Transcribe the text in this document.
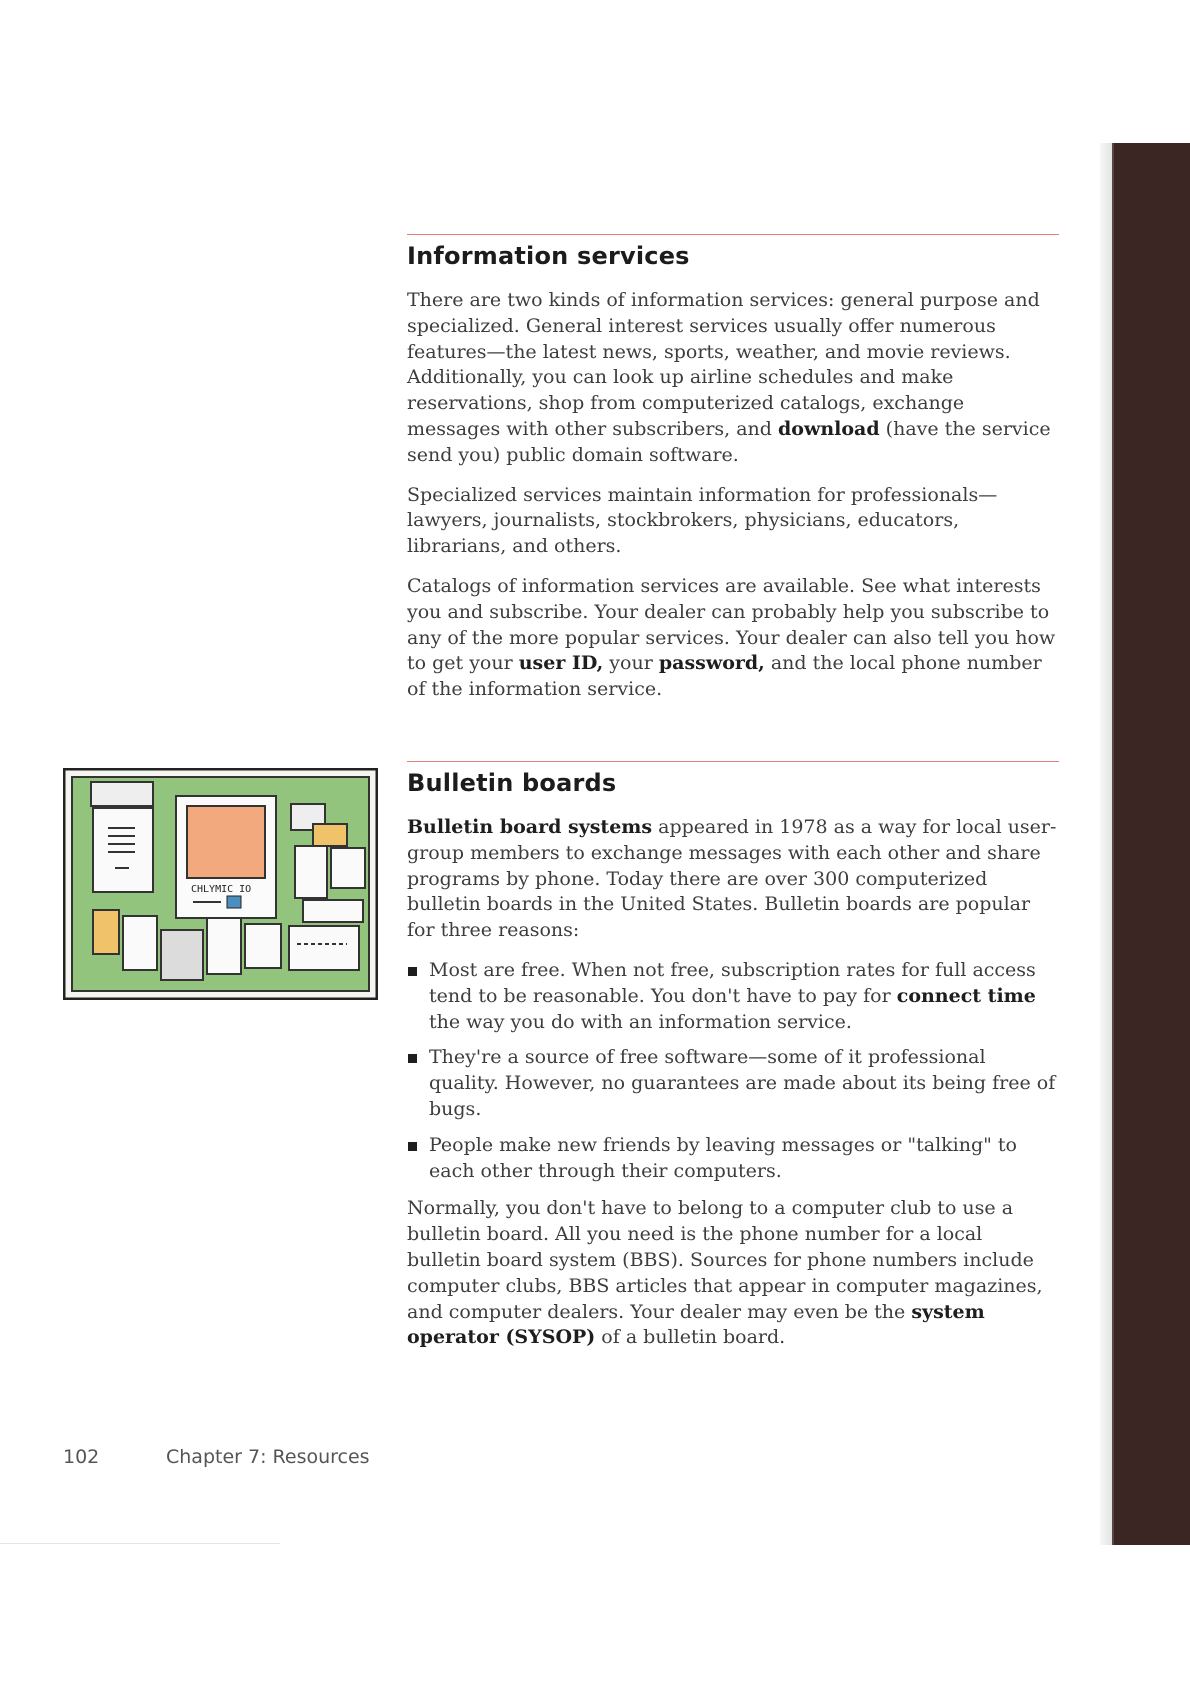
Information services

There are two kinds of information services: general purpose and specialized. General interest services usually offer numerous features—the latest news, sports, weather, and movie reviews. Additionally, you can look up airline schedules and make reservations, shop from computerized catalogs, exchange messages with other subscribers, and download (have the service send you) public domain software.

Specialized services maintain information for professionals—lawyers, journalists, stockbrokers, physicians, educators, librarians, and others.

Catalogs of information services are available. See what interests you and subscribe. Your dealer can probably help you subscribe to any of the more popular services. Your dealer can also tell you how to get your user ID, your password, and the local phone number of the information service.

Bulletin boards

Bulletin board systems appeared in 1978 as a way for local user-group members to exchange messages with each other and share programs by phone. Today there are over 300 computerized bulletin boards in the United States. Bulletin boards are popular for three reasons:

Most are free. When not free, subscription rates for full access tend to be reasonable. You don't have to pay for connect time the way you do with an information service.
They're a source of free software—some of it professional quality. However, no guarantees are made about its being free of bugs.
People make new friends by leaving messages or "talking" to each other through their computers.

Normally, you don't have to belong to a computer club to use a bulletin board. All you need is the phone number for a local bulletin board system (BBS). Sources for phone numbers include computer clubs, BBS articles that appear in computer magazines, and computer dealers. Your dealer may even be the system operator (SYSOP) of a bulletin board.

CHLYMIC IO
102	Chapter 7: Resources
